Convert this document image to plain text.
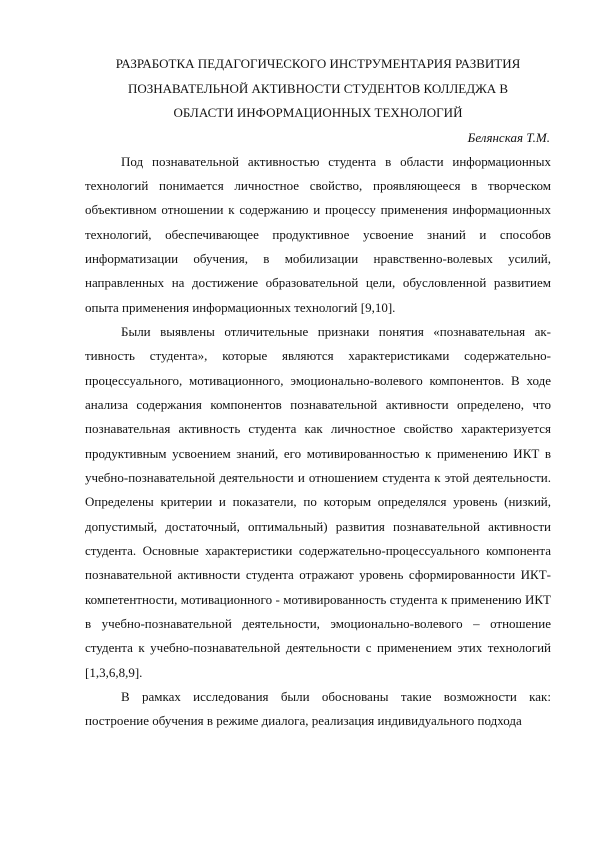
РАЗРАБОТКА ПЕДАГОГИЧЕСКОГО ИНСТРУМЕНТАРИЯ РАЗВИТИЯ
ПОЗНАВАТЕЛЬНОЙ АКТИВНОСТИ СТУДЕНТОВ КОЛЛЕДЖА В
ОБЛАСТИ ИНФОРМАЦИОННЫХ ТЕХНОЛОГИЙ

Белянская Т.М.

Под познавательной активностью студента в области информационных технологий понимается личностное свойство, проявляющееся в творческом объективном отношении к содержанию и процессу применения информационных технологий, обеспечивающее продуктивное усвоение знаний и способов информатизации обучения, в мобилизации нравственно-волевых усилий, направленных на достижение образовательной цели, обусловленной развитием опыта применения информационных технологий [9,10].

Были выявлены отличительные признаки понятия «познавательная активность студента», которые являются характеристиками содержательно-процессуального, мотивационного, эмоционально-волевого компонентов. В ходе анализа содержания компонентов познавательной активности определено, что познавательная активность студента как личностное свойство характеризуется продуктивным усвоением знаний, его мотивированностью к применению ИКТ в учебно-познавательной деятельности и отношением студента к этой деятельности. Определены критерии и показатели, по которым определялся уровень (низкий, допустимый, достаточный, оптимальный) развития познавательной активности студента. Основные характеристики содержательно-процессуального компонента познавательной активности студента отражают уровень сформированности ИКТ-компетентности, мотивационного - мотивированность студента к применению ИКТ в учебно-познавательной деятельности, эмоционально-волевого – отношение студента к учебно-познавательной деятельности с применением этих технологий [1,3,6,8,9].

В рамках исследования были обоснованы такие возможности как: построение обучения в режиме диалога, реализация индивидуального подхода
